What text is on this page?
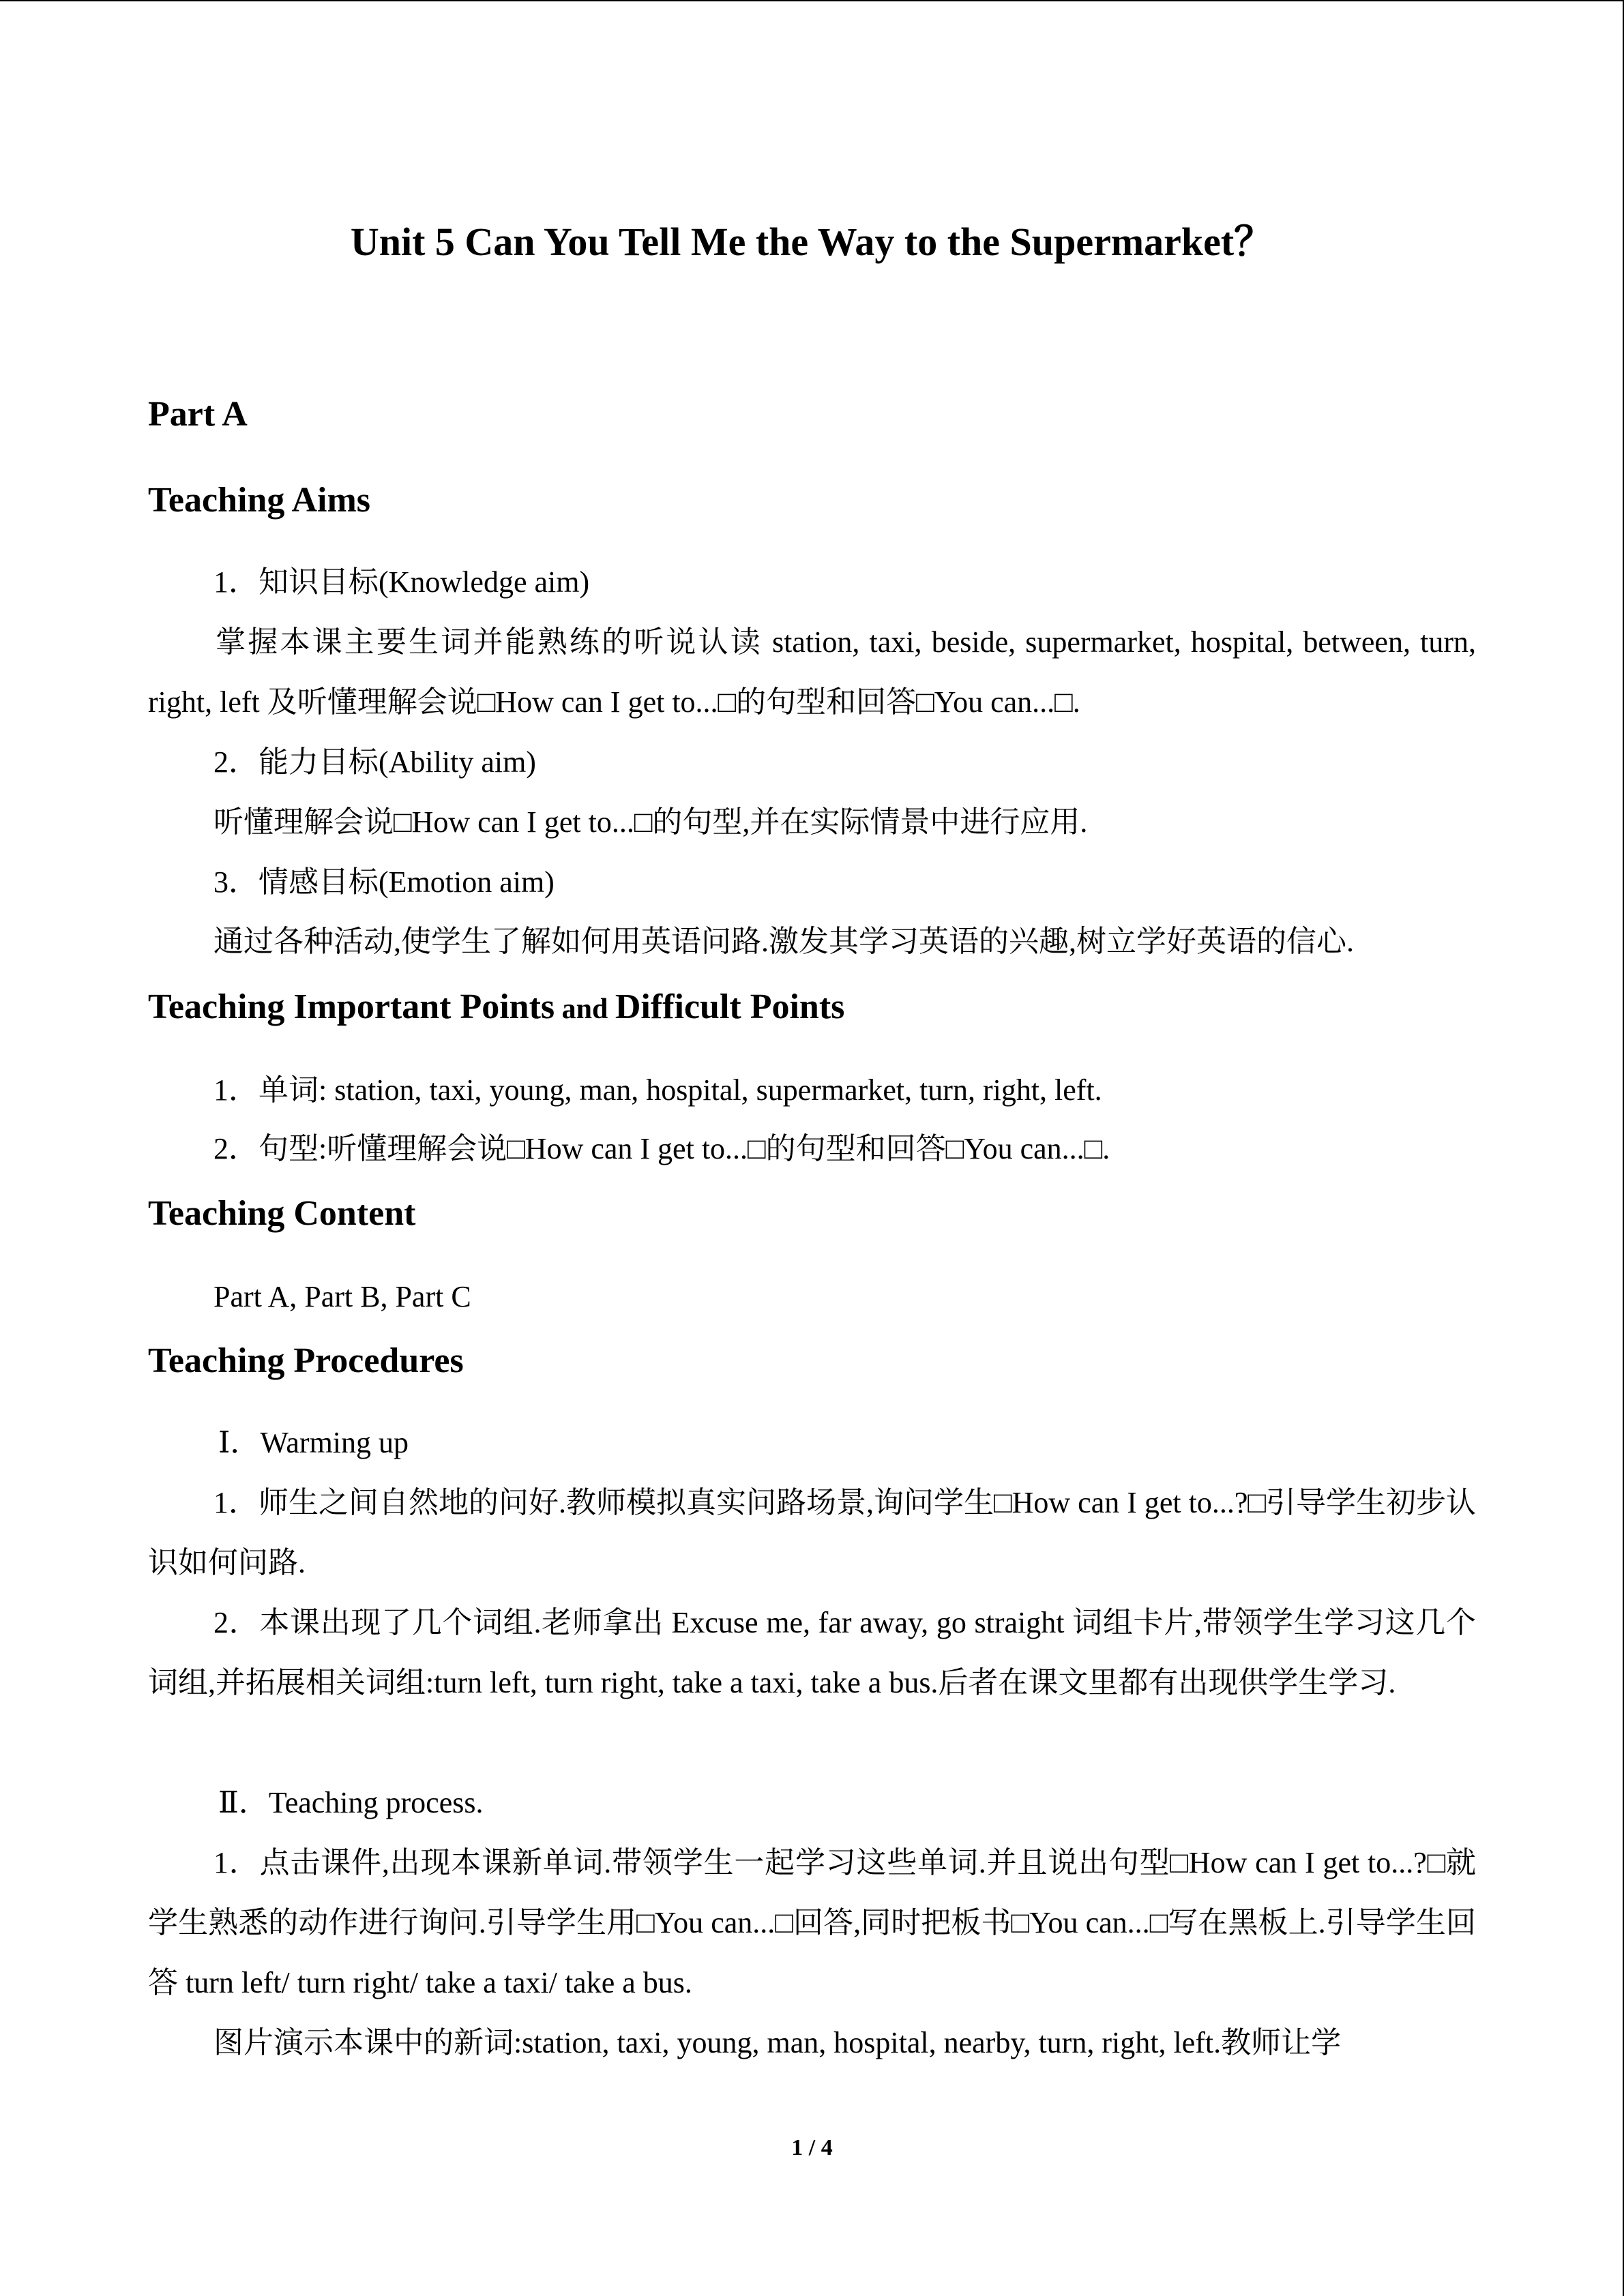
Unit 5 Can You Tell Me the Way to the Supermarket？
Part A
Teaching Aims
1．知识目标(Knowledge aim)
掌握本课主要生词并能熟练的听说认读 station, taxi, beside, supermarket, hospital, between, turn, right, left 及听懂理解会说□How can I get to...□的句型和回答□You can...□.
2．能力目标(Ability aim)
听懂理解会说□How can I get to...□的句型,并在实际情景中进行应用.
3．情感目标(Emotion aim)
通过各种活动,使学生了解如何用英语问路.激发其学习英语的兴趣,树立学好英语的信心.
Teaching Important Points and Difficult Points
1．单词: station, taxi, young, man, hospital, supermarket, turn, right, left.
2．句型:听懂理解会说□How can I get to...□的句型和回答□You can...□.
Teaching Content
Part A, Part B, Part C
Teaching Procedures
Ⅰ．Warming up
1．师生之间自然地的问好.教师模拟真实问路场景,询问学生□How can I get to...?□引导学生初步认识如何问路.
2．本课出现了几个词组.老师拿出 Excuse me, far away, go straight 词组卡片,带领学生学习这几个词组,并拓展相关词组:turn left, turn right, take a taxi, take a bus.后者在课文里都有出现供学生学习.
Ⅱ．Teaching process.
1．点击课件,出现本课新单词.带领学生一起学习这些单词.并且说出句型□How can I get to...?□就学生熟悉的动作进行询问.引导学生用□You can...□回答,同时把板书□You can...□写在黑板上.引导学生回答 turn left/ turn right/ take a taxi/ take a bus.
图片演示本课中的新词:station, taxi, young, man, hospital, nearby, turn, right, left.教师让学
1 / 4
